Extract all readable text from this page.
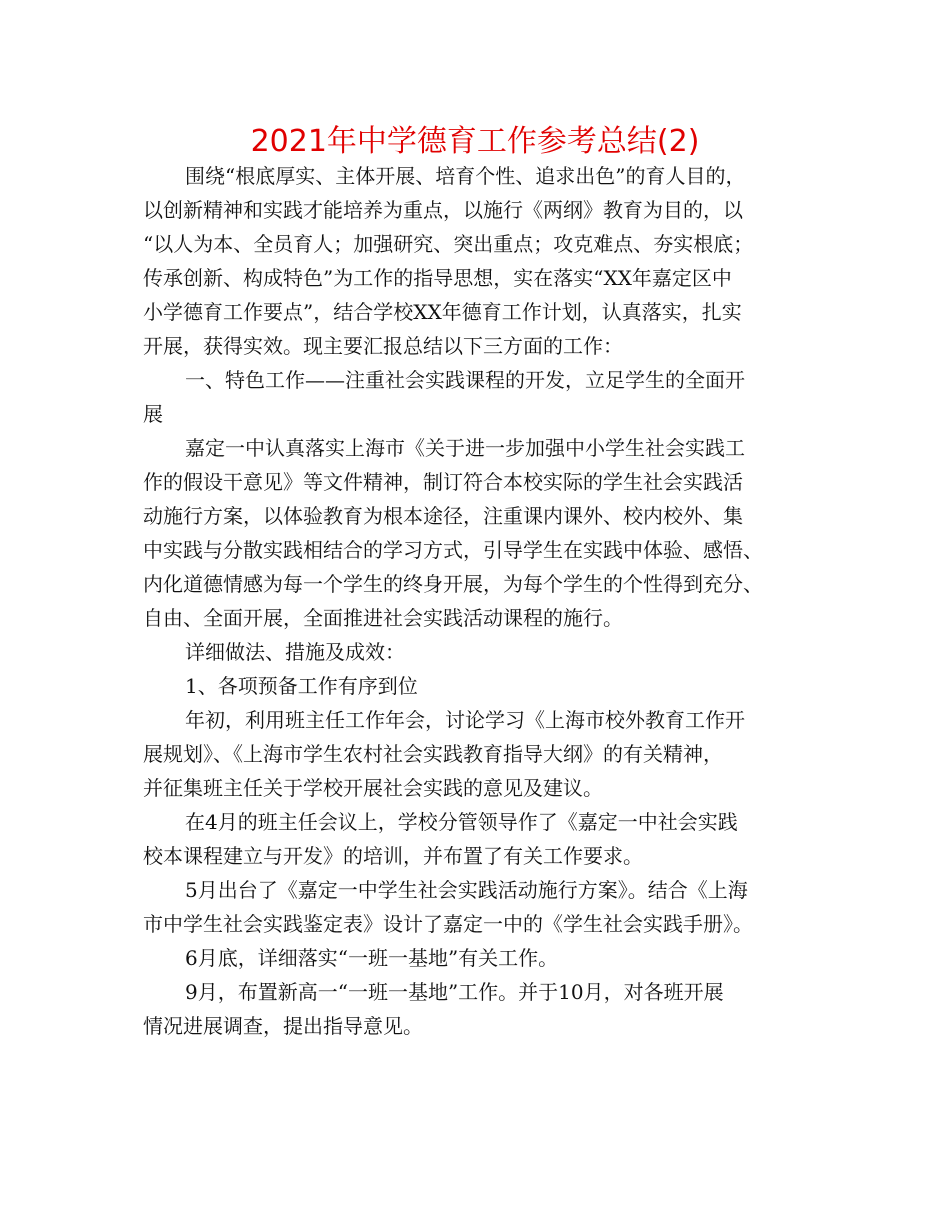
2021年中学德育工作参考总结(2)
围绕“根底厚实、主体开展、培育个性、追求出色”的育人目的，
以创新精神和实践才能培养为重点，以施行《两纲》教育为目的，以
“以人为本、全员育人；加强研究、突出重点；攻克难点、夯实根底；
传承创新、构成特色”为工作的指导思想，实在落实“XX年嘉定区中
小学德育工作要点”，结合学校XX年德育工作计划，认真落实，扎实
开展，获得实效。现主要汇报总结以下三方面的工作：
一、特色工作——注重社会实践课程的开发，立足学生的全面开
展
嘉定一中认真落实上海市《关于进一步加强中小学生社会实践工
作的假设干意见》等文件精神，制订符合本校实际的学生社会实践活
动施行方案，以体验教育为根本途径，注重课内课外、校内校外、集
中实践与分散实践相结合的学习方式，引导学生在实践中体验、感悟、
内化道德情感为每一个学生的终身开展，为每个学生的个性得到充分、
自由、全面开展，全面推进社会实践活动课程的施行。
详细做法、措施及成效：
1、各项预备工作有序到位
年初，利用班主任工作年会，讨论学习《上海市校外教育工作开
展规划》、《上海市学生农村社会实践教育指导大纲》的有关精神，
并征集班主任关于学校开展社会实践的意见及建议。
在4月的班主任会议上，学校分管领导作了《嘉定一中社会实践
校本课程建立与开发》的培训，并布置了有关工作要求。
5月出台了《嘉定一中学生社会实践活动施行方案》。结合《上海
市中学生社会实践鉴定表》设计了嘉定一中的《学生社会实践手册》。
6月底，详细落实“一班一基地”有关工作。
9月，布置新高一“一班一基地”工作。并于10月，对各班开展
情况进展调查，提出指导意见。
